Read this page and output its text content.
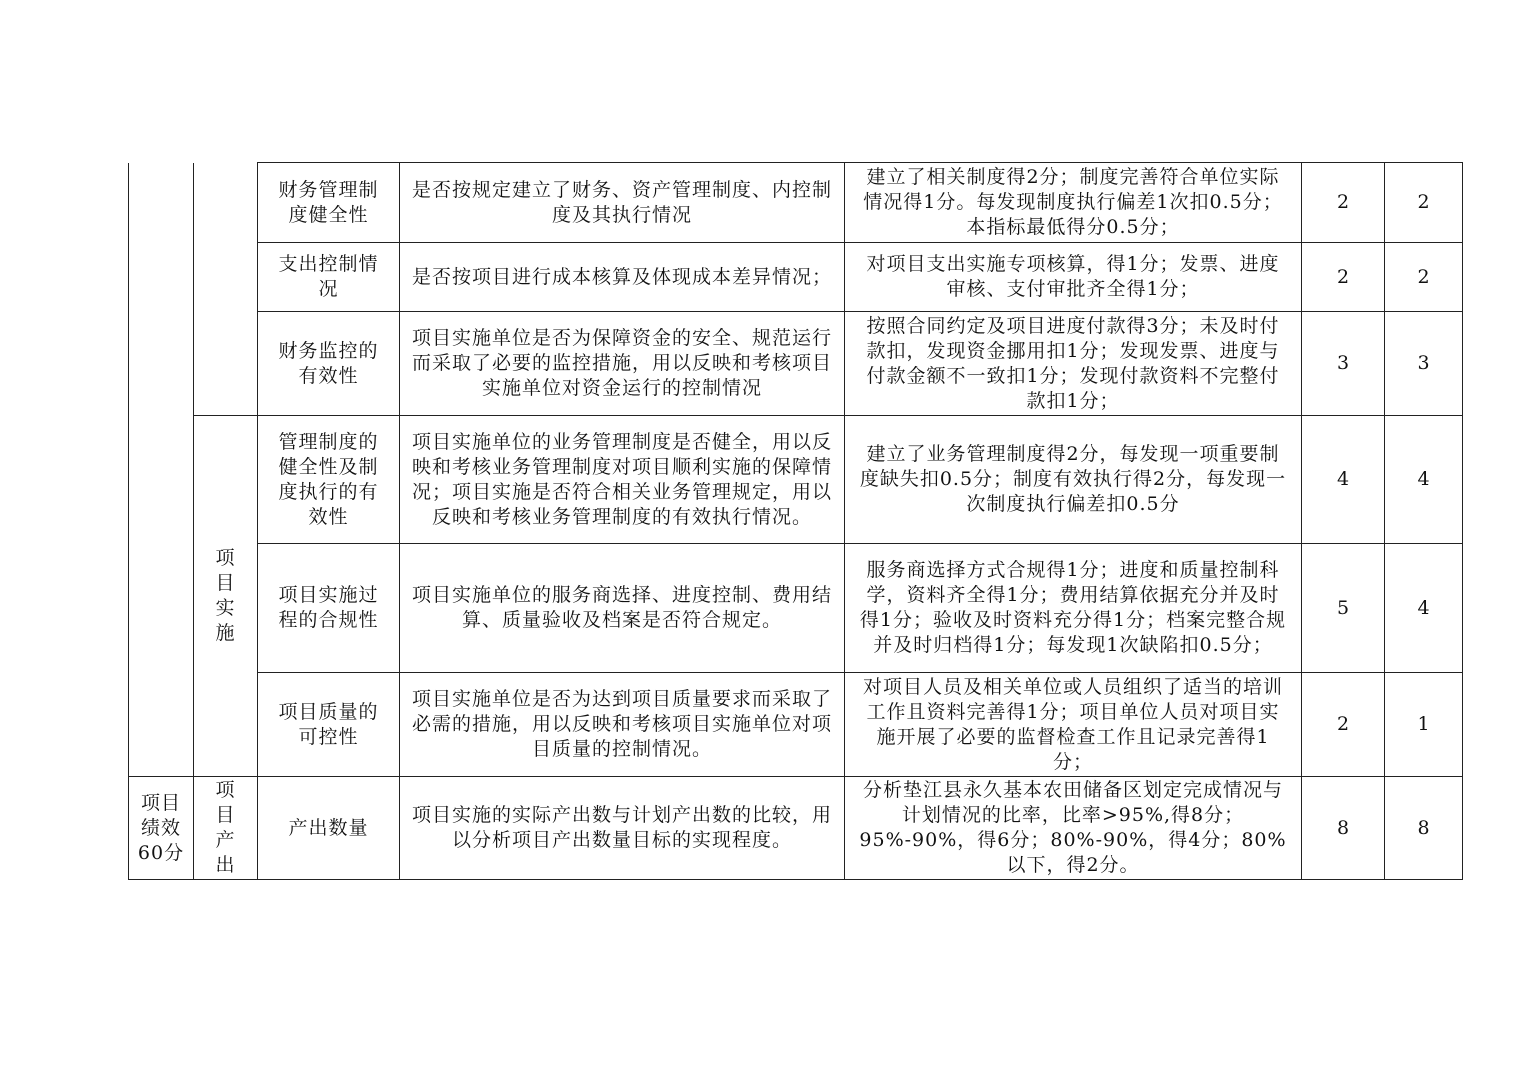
		财务管理制度健全性	是否按规定建立了财务、资产管理制度、内控制度及其执行情况	建立了相关制度得2分；制度完善符合单位实际情况得1分。每发现制度执行偏差1次扣0.5分；本指标最低得分0.5分；	2	2

		支出控制情况	是否按项目进行成本核算及体现成本差异情况；	对项目支出实施专项核算，得1分；发票、进度审核、支付审批齐全得1分；	2	2

		财务监控的有效性	项目实施单位是否为保障资金的安全、规范运行而采取了必要的监控措施，用以反映和考核项目实施单位对资金运行的控制情况	按照合同约定及项目进度付款得3分；未及时付款扣，发现资金挪用扣1分；发现发票、进度与付款金额不一致扣1分；发现付款资料不完整付款扣1分；	3	3

	项目实施	管理制度的健全性及制度执行的有效性	项目实施单位的业务管理制度是否健全，用以反映和考核业务管理制度对项目顺利实施的保障情况；项目实施是否符合相关业务管理规定，用以反映和考核业务管理制度的有效执行情况。	建立了业务管理制度得2分，每发现一项重要制度缺失扣0.5分；制度有效执行得2分，每发现一次制度执行偏差扣0.5分	4	4

		项目实施过程的合规性	项目实施单位的服务商选择、进度控制、费用结算、质量验收及档案是否符合规定。	服务商选择方式合规得1分；进度和质量控制科学，资料齐全得1分；费用结算依据充分并及时得1分；验收及时资料充分得1分；档案完整合规并及时归档得1分；每发现1次缺陷扣0.5分；	5	4

		项目质量的可控性	项目实施单位是否为达到项目质量要求而采取了必需的措施，用以反映和考核项目实施单位对项目质量的控制情况。	对项目人员及相关单位或人员组织了适当的培训工作且资料完善得1分；项目单位人员对项目实施开展了必要的监督检查工作且记录完善得1分；	2	1

项目绩效60分	项目产出	产出数量	项目实施的实际产出数与计划产出数的比较，用以分析项目产出数量目标的实现程度。	分析垫江县永久基本农田储备区划定完成情况与计划情况的比率，比率>95%,得8分；95%-90%，得6分；80%-90%，得4分；80%以下，得2分。	8	8
